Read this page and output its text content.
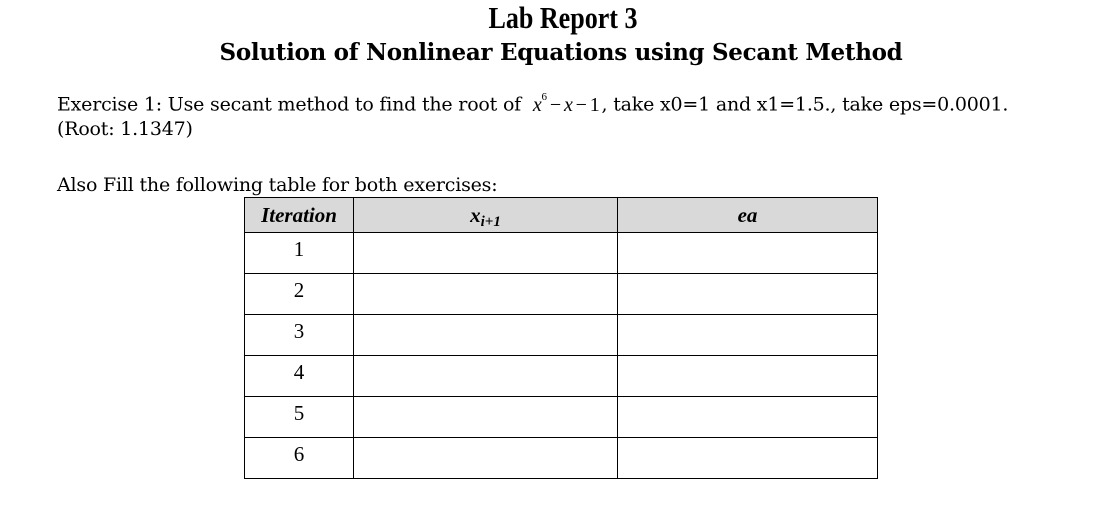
Lab Report 3
Solution of Nonlinear Equations using Secant Method
Exercise 1: Use secant method to find the root of $x^6 - x - 1$ , take x0=1 and x1=1.5., take eps=0.0001.
(Root: 1.1347)
Also Fill the following table for both exercises:
Iteration	xi+1	ea
1		
2		
3		
4		
5		
6		
